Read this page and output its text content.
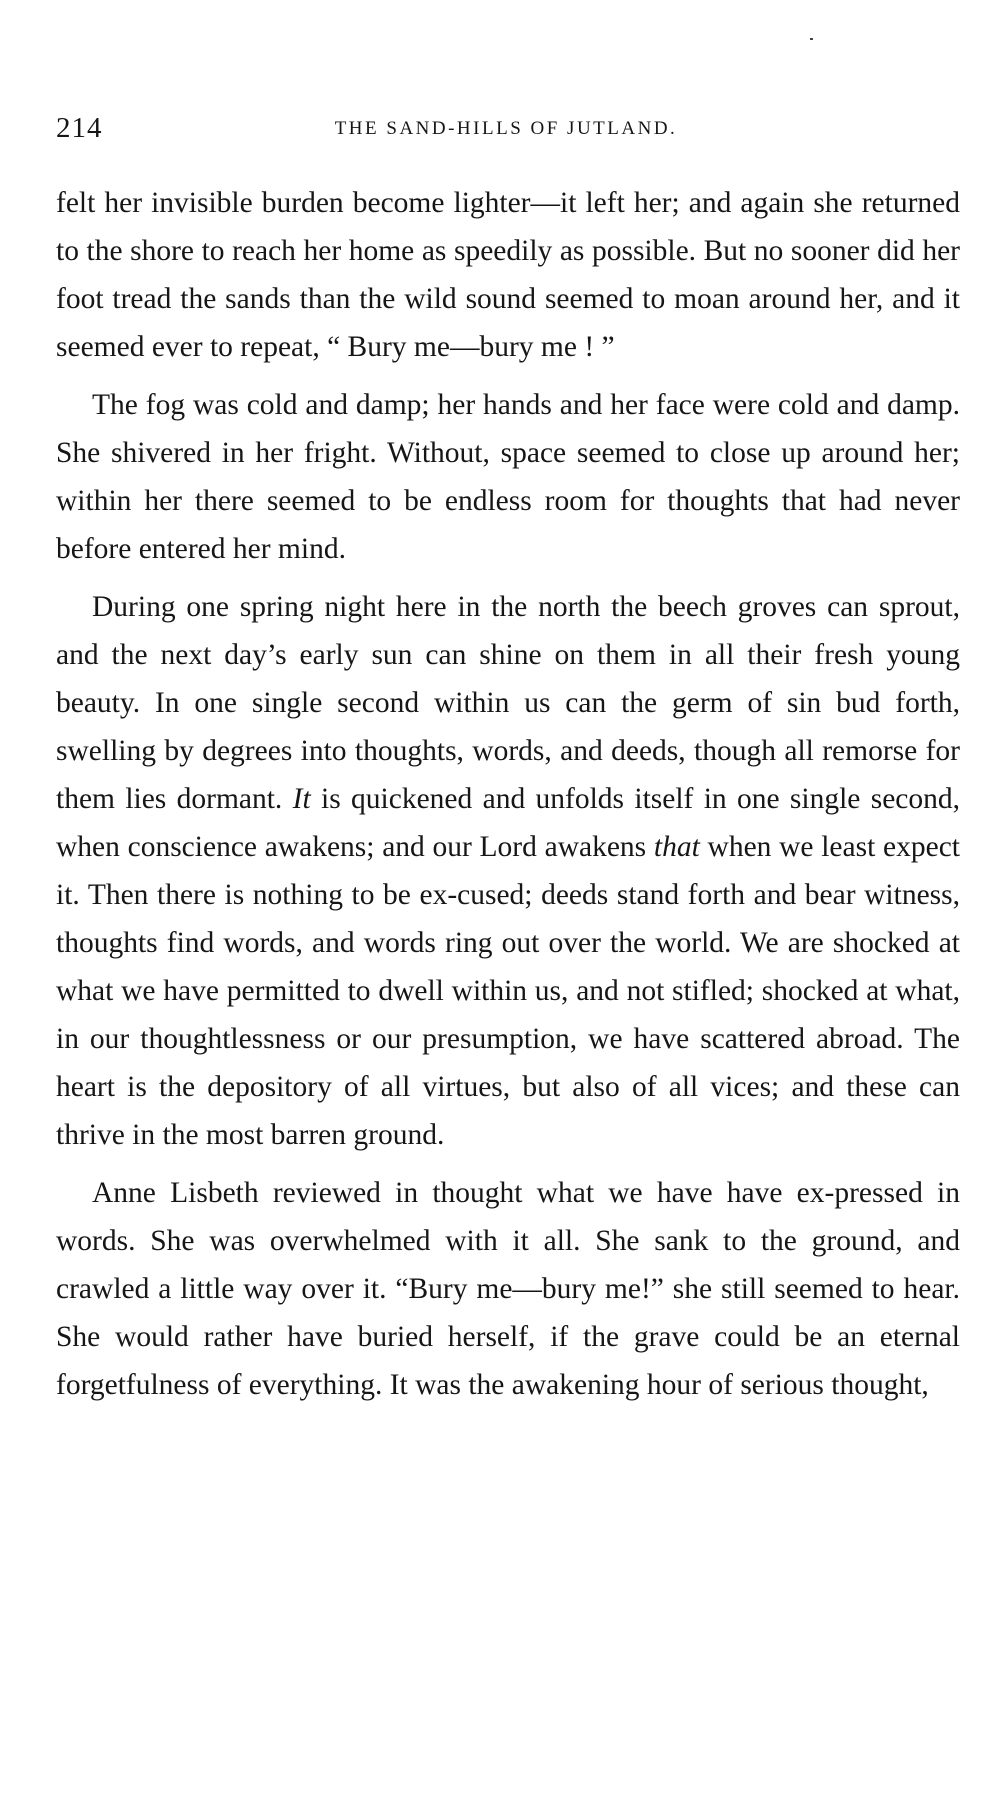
214	THE SAND-HILLS OF JUTLAND.

felt her invisible burden become lighter—it left her; and again she returned to the shore to reach her home as speedily as possible. But no sooner did her foot tread the sands than the wild sound seemed to moan around her, and it seemed ever to repeat, “ Bury me—bury me ! ”

The fog was cold and damp; her hands and her face were cold and damp. She shivered in her fright. Without, space seemed to close up around her; within her there seemed to be endless room for thoughts that had never before entered her mind.

During one spring night here in the north the beech groves can sprout, and the next day’s early sun can shine on them in all their fresh young beauty. In one single second within us can the germ of sin bud forth, swelling by degrees into thoughts, words, and deeds, though all remorse for them lies dormant. It is quickened and unfolds itself in one single second, when conscience awakens; and our Lord awakens that when we least expect it. Then there is nothing to be ex-cused; deeds stand forth and bear witness, thoughts find words, and words ring out over the world. We are shocked at what we have permitted to dwell within us, and not stifled; shocked at what, in our thoughtlessness or our presumption, we have scattered abroad. The heart is the depository of all virtues, but also of all vices; and these can thrive in the most barren ground.

Anne Lisbeth reviewed in thought what we have have ex-pressed in words. She was overwhelmed with it all. She sank to the ground, and crawled a little way over it. “Bury me—bury me!” she still seemed to hear. She would rather have buried herself, if the grave could be an eternal forgetfulness of everything. It was the awakening hour of serious thought,
